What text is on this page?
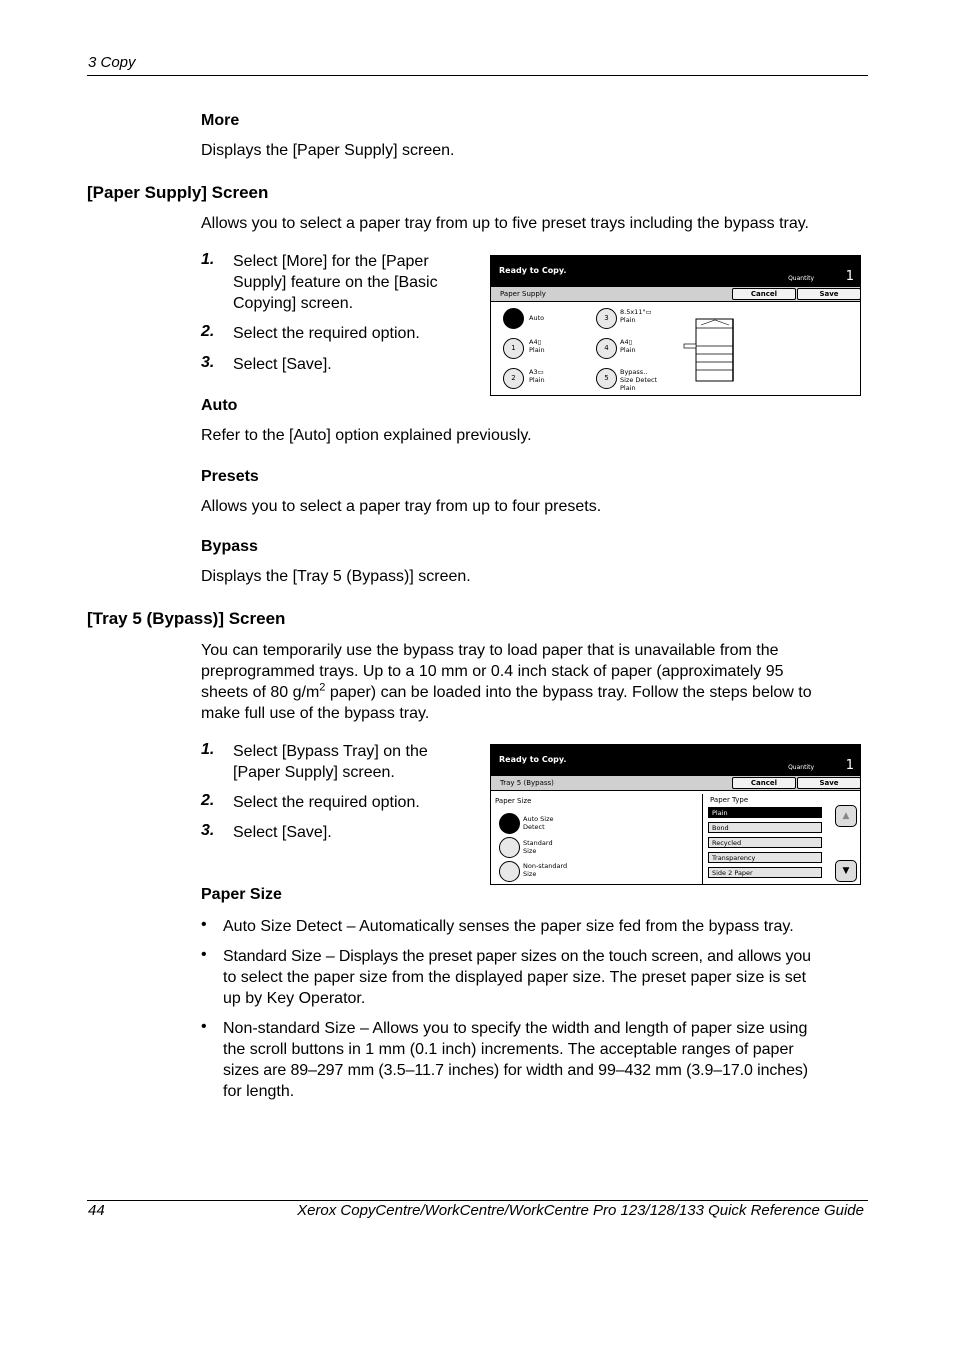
3 Copy
More
Displays the [Paper Supply] screen.
[Paper Supply] Screen
Allows you to select a paper tray from up to five preset trays including the bypass tray.
1. Select [More] for the [Paper
Supply] feature on the [Basic
Copying] screen.
2. Select the required option.
3. Select [Save].
Ready to Copy.
Quantity 1
Paper Supply	Cancel	Save
Auto
1
A4▯
Plain
2
A3▭
Plain
3
8.5x11"▭
Plain
4
A4▯
Plain
5
Bypass..
Size Detect
Plain
Auto
Refer to the [Auto] option explained previously.
Presets
Allows you to select a paper tray from up to four presets.
Bypass
Displays the [Tray 5 (Bypass)] screen.
[Tray 5 (Bypass)] Screen
You can temporarily use the bypass tray to load paper that is unavailable from the
preprogrammed trays. Up to a 10 mm or 0.4 inch stack of paper (approximately 95
sheets of 80 $g/m^2$ paper) can be loaded into the bypass tray. Follow the steps below to
make full use of the bypass tray.
1. Select [Bypass Tray] on the
[Paper Supply] screen.
2. Select the required option.
3. Select [Save].
Ready to Copy.
Quantity 1
Tray 5 (Bypass)	Cancel	Save
Paper Size
Auto Size
Detect
Standard
Size
Non-standard
Size
Paper Type
Plain
Bond
Recycled
Transparency
Side 2 Paper
▲
▼
Paper Size
• Auto Size Detect – Automatically senses the paper size fed from the bypass tray.
• Standard Size – Displays the preset paper sizes on the touch screen, and allows you
to select the paper size from the displayed paper size. The preset paper size is set
up by Key Operator.
• Non-standard Size – Allows you to specify the width and length of paper size using
the scroll buttons in 1 mm (0.1 inch) increments. The acceptable ranges of paper
sizes are 89–297 mm (3.5–11.7 inches) for width and 99–432 mm (3.9–17.0 inches)
for length.
44	Xerox CopyCentre/WorkCentre/WorkCentre Pro 123/128/133 Quick Reference Guide
